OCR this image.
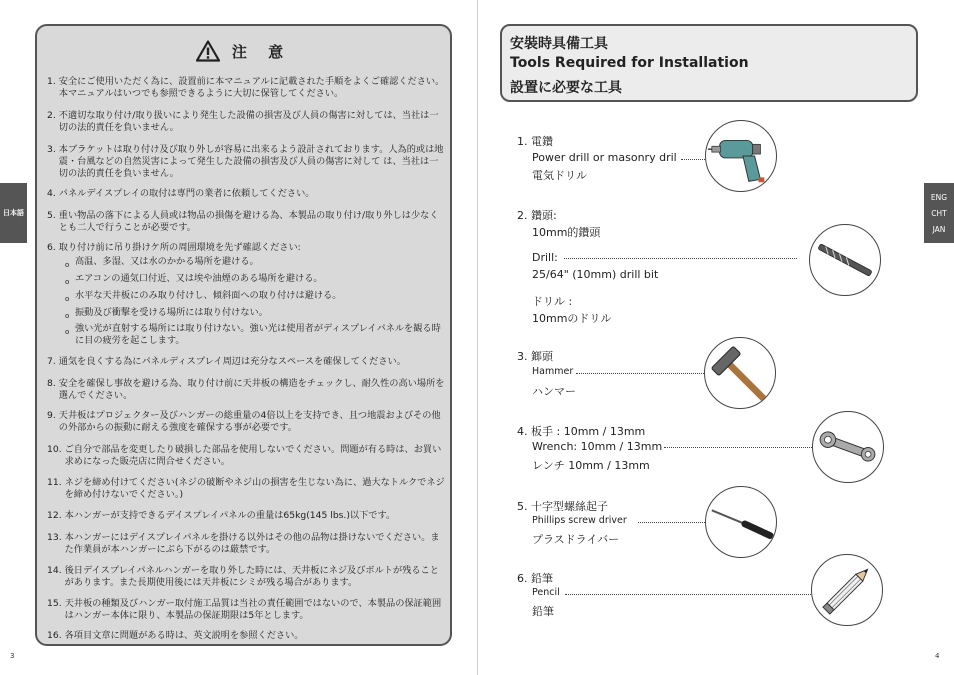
日本語
注 意
1. 安全にご使用いただく為に、設置前に本マニュアルに記載された手順をよくご確認ください。本マニュアルはいつでも参照できるように大切に保管してください。
2. 不適切な取り付け/取り扱いにより発生した設備の損害及び人員の傷害に対しては、当社は一切の法的責任を負いません。
3. 本ブラケットは取り付け及び取り外しが容易に出来るよう設計されております。人為的或は地震・台風などの自然災害によって発生した設備の損害及び人員の傷害に対して は、当社は一切の法的責任を負いません。
4. パネルデイスプレイの取付は専門の業者に依頼してください。
5. 重い物品の落下による人員或は物品の損傷を避ける為、本製品の取り付け/取り外しは少なくとも二人で行うことが必要です。
6. 取り付け前に吊り掛けケ所の周囲環境を先ず確認ください:
o 高温、多湿、又は水のかかる場所を避ける。
o エアコンの通気口付近、又は埃や油煙のある場所を避ける。
o 水平な天井板にのみ取り付けし、傾斜面への取り付けは避ける。
o 振動及び衝撃を受ける場所には取り付けない。
o 強い光が直射する場所には取り付けない。強い光は使用者がディスプレイパネルを観る時に目の疲労を起こします。
7. 通気を良くする為にパネルディスプレイ周辺は充分なスペースを確保してください。
8. 安全を確保し事故を避ける為、取り付け前に天井板の構造をチェックし、耐久性の高い場所を選んでください。
9. 天井板はプロジェクター及びハンガーの総重量の4倍以上を支持でき、且つ地震およびその他の外部からの振動に耐える強度を確保する事が必要です。
10. ご自分で部品を変更したり破損した部品を使用しないでください。問題が有る時は、お買い求めになった販売店に問合せください。
11. ネジを締め付けてください(ネジの破断やネジ山の損害を生じない為に、過大なトルクでネジを締め付けないでください。)
12. 本ハンガーが支持できるデイスプレイパネルの重量は65kg(145 lbs.)以下です。
13. 本ハンガーにはデイスプレイパネルを掛ける以外はその他の品物は掛けないでください。また作業員が本ハンガーにぶら下がるのは厳禁です。
14. 後日デイスプレイパネルハンガーを取り外した時には、天井板にネジ及びボルトが残ることがあります。また長期使用後には天井板にシミが残る場合があります。
15. 天井板の種類及びハンガー取付施工品質は当社の責任範囲ではないので、本製品の保証範囲はハンガー本体に限り、本製品の保証期限は5年とします。
16. 各項目文章に問題がある時は、英文説明を参照ください。
3
安裝時具備工具
Tools Required for Installation
設置に必要な工具
ENG
CHT
JAN
1. 電鑽
Power drill or masonry dril
電気ドリル
2. 鑽頭:
10mm的鑽頭
Drill:
25/64" (10mm) drill bit
ドリル :
10mmのドリル
3. 鎯頭
Hammer
ハンマー
4. 板手 : 10mm / 13mm
Wrench: 10mm / 13mm
レンチ 10mm / 13mm
5. 十字型螺絲起子
Phillips screw driver
プラスドライバー
6. 鉛筆
Pencil
鉛筆
4
